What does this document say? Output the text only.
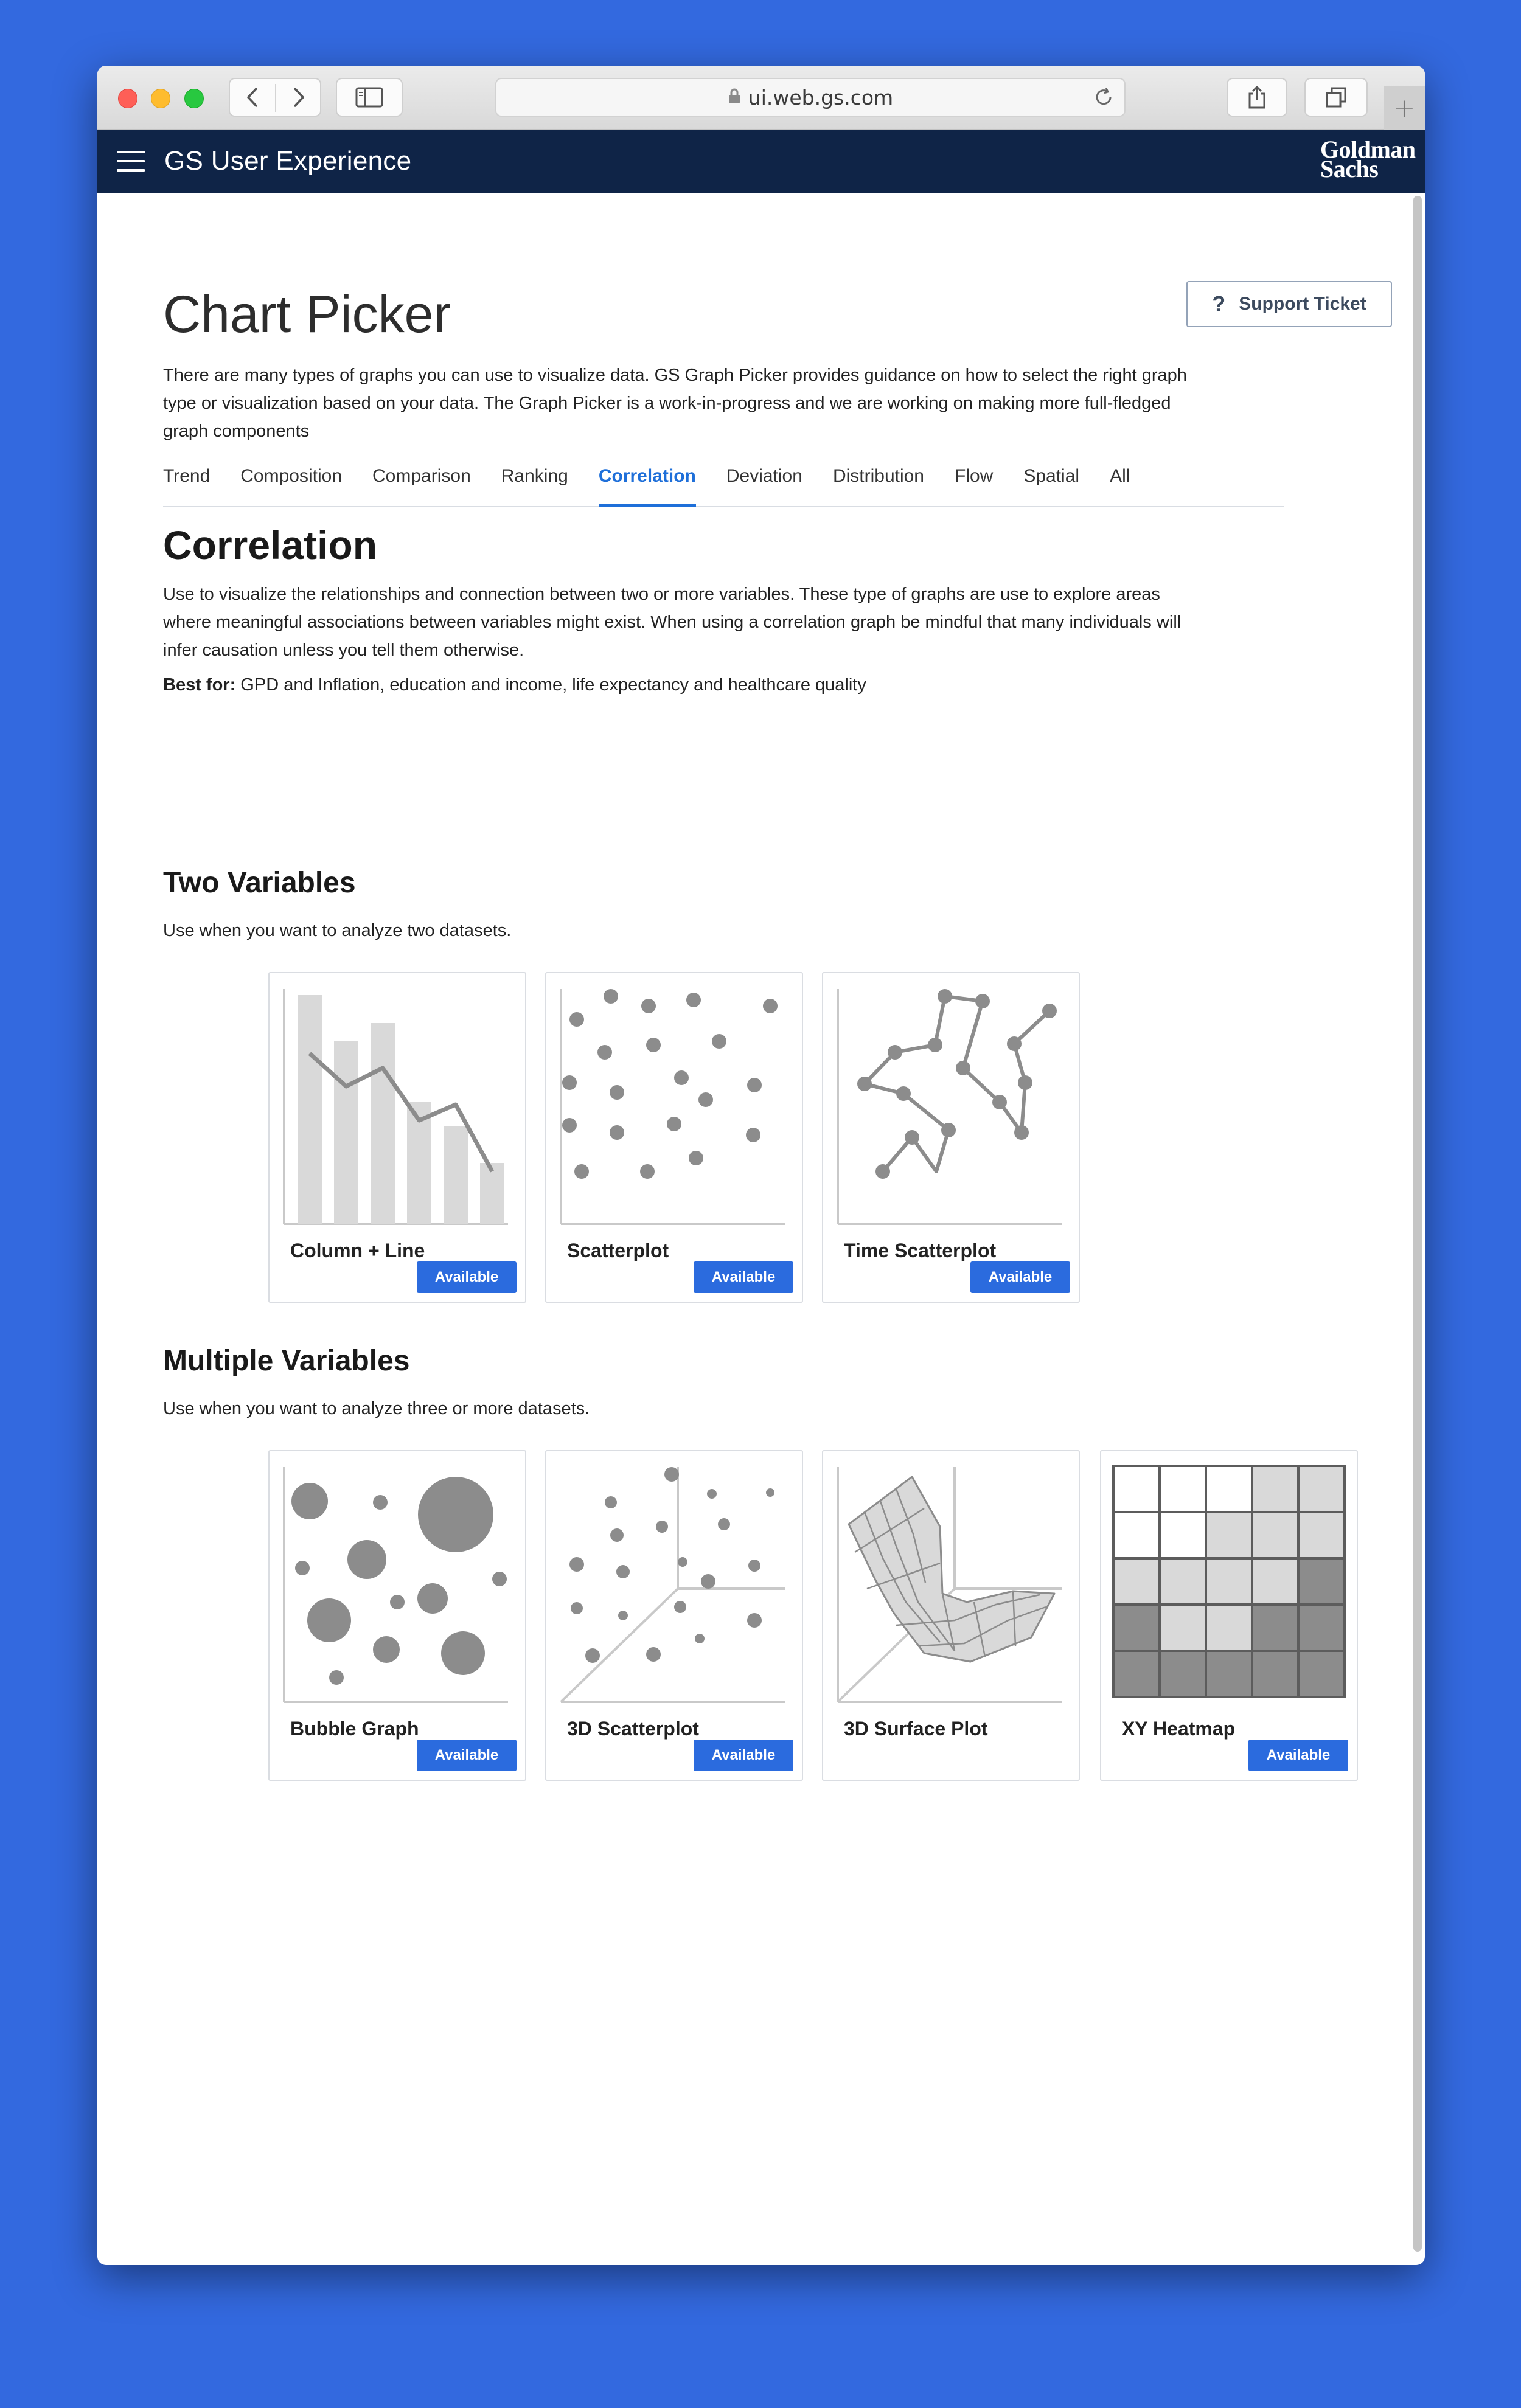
ui.web.gs.com	+
GS User Experience	Goldman
Sachs
Chart Picker	? Support Ticket
There are many types of graphs you can use to visualize data. GS Graph Picker provides guidance on how to select the right graph
type or visualization based on your data. The Graph Picker is a work-in-progress and we are working on making more full-fledged
graph components
Trend Composition Comparison Ranking Correlation Deviation Distribution Flow Spatial All
Correlation
Use to visualize the relationships and connection between two or more variables. These type of graphs are use to explore areas
where meaningful associations between variables might exist. When using a correlation graph be mindful that many individuals will
infer causation unless you tell them otherwise.
Best for: GPD and Inflation, education and income, life expectancy and healthcare quality
Two Variables
Use when you want to analyze two datasets.
Column + Line
Available
Scatterplot
Available
Time Scatterplot
Available
Multiple Variables
Use when you want to analyze three or more datasets.
Bubble Graph
Available
3D Scatterplot
Available
3D Surface Plot	XY Heatmap
Available
